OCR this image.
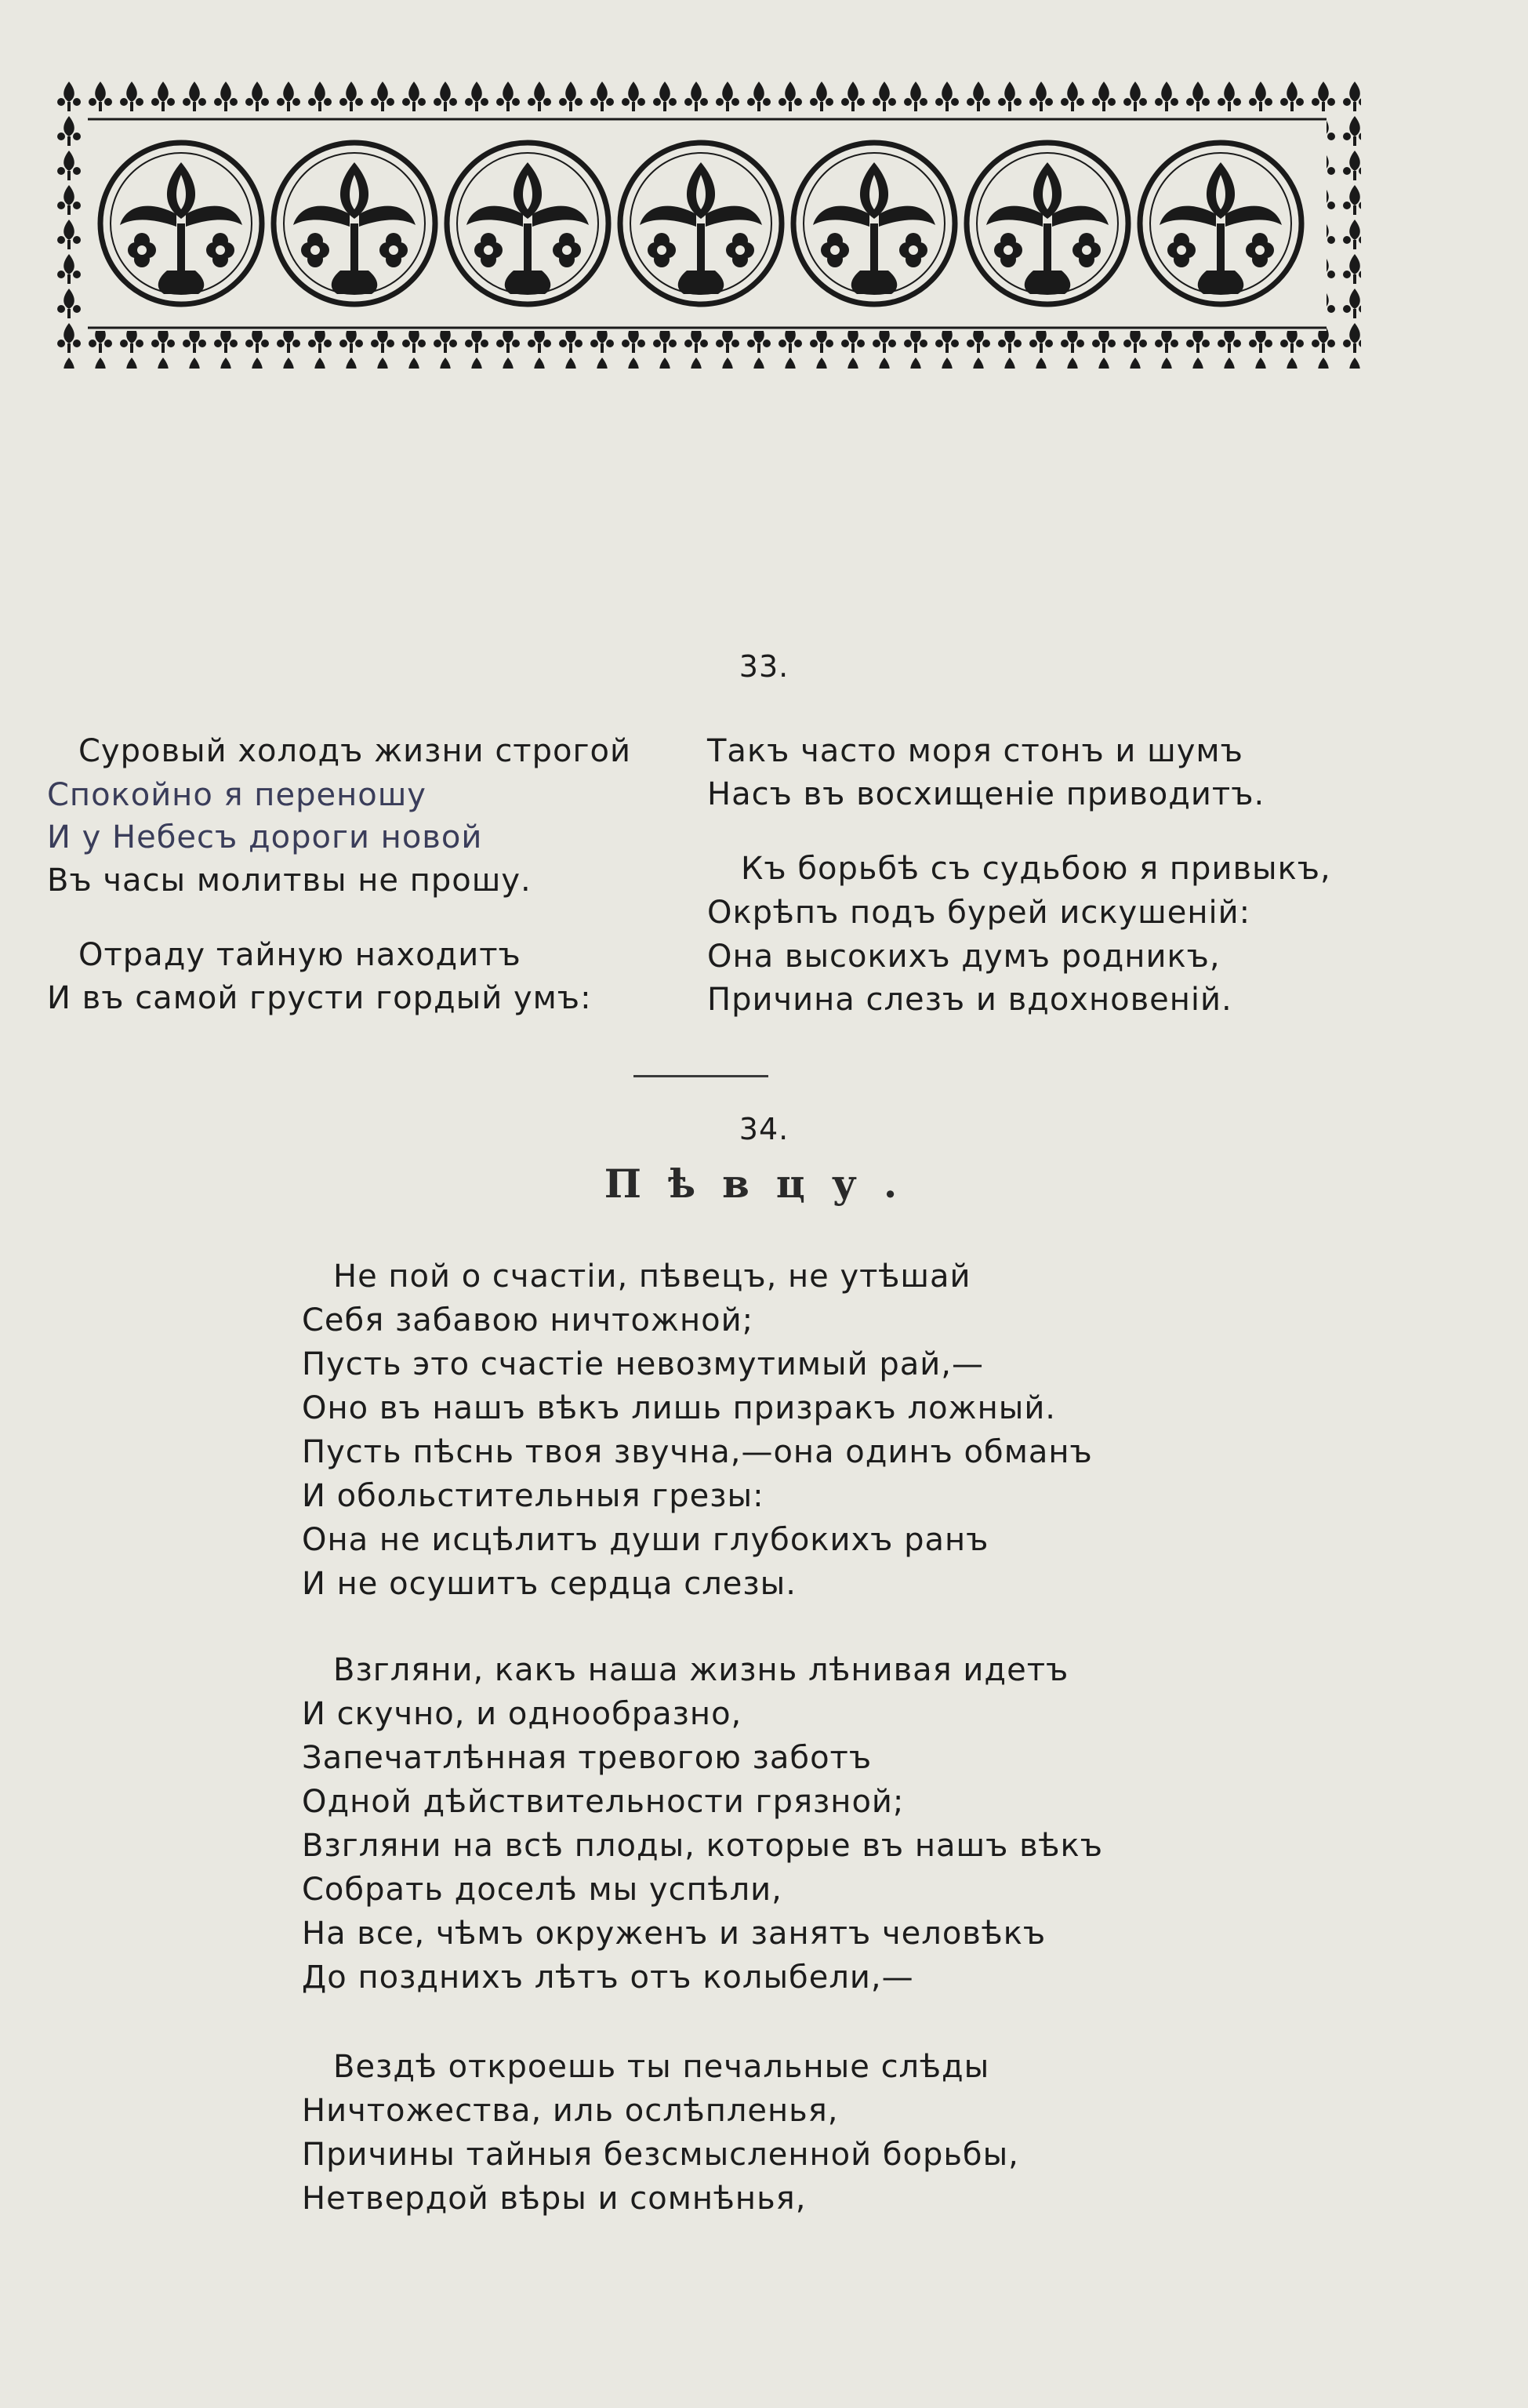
33.
Суровый холодъ жизни строгой
Спокойно я переношу
И у Небесъ дороги новой
Въ часы молитвы не прошу.
Отраду тайную находитъ
И въ самой грусти гордый умъ:
Такъ часто моря стонъ и шумъ
Насъ въ восхищеніе приводитъ.
Къ борьбѣ съ судьбою я привыкъ,
Окрѣпъ подъ бурей искушеній:
Она высокихъ думъ родникъ,
Причина слезъ и вдохновеній.
34.
Пѣвцу.
Не пой о счастіи, пѣвецъ, не утѣшай
Себя забавою ничтожной;
Пусть это счастіе невозмутимый рай,—
Оно въ нашъ вѣкъ лишь призракъ ложный.
Пусть пѣснь твоя звучна,—она одинъ обманъ
И обольстительныя грезы:
Она не исцѣлитъ души глубокихъ ранъ
И не осушитъ сердца слезы.
Взгляни, какъ наша жизнь лѣнивая идетъ
И скучно, и однообразно,
Запечатлѣнная тревогою заботъ
Одной дѣйствительности грязной;
Взгляни на всѣ плоды, которые въ нашъ вѣкъ
Собрать доселѣ мы успѣли,
На все, чѣмъ окруженъ и занятъ человѣкъ
До позднихъ лѣтъ отъ колыбели,—
Вездѣ откроешь ты печальные слѣды
Ничтожества, иль ослѣпленья,
Причины тайныя безсмысленной борьбы,
Нетвердой вѣры и сомнѣнья,
